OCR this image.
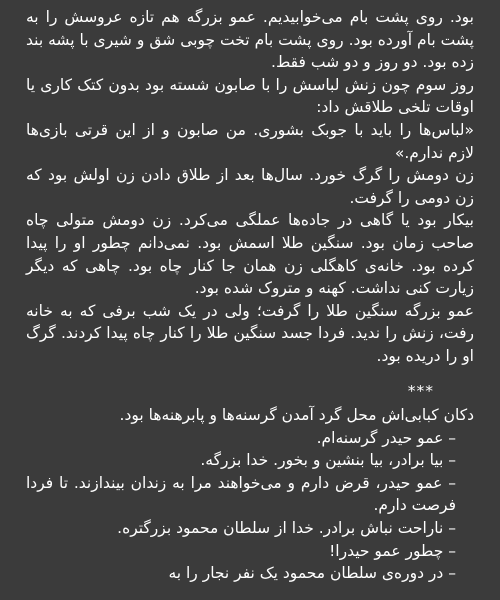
بود. روی پشت بام می‌خوابیدیم. عمو بزرگه هم تازه عروسش را به پشت بام آورده بود. روی پشت بام تخت چوبی شق و شیری با پشه بند زده بود. دو روز و دو شب فقط.

روز سوم چون زنش لباسش را با صابون شسته بود بدون کتک کاری یا اوقات تلخی طلاقش داد:

«لباس‌ها را باید با جوبک بشوری. من صابون و از این قرتی بازی‌ها لازم ندارم.»

زن دومش را گرگ خورد. سال‌ها بعد از طلاق دادن زن اولش بود که زن دومی را گرفت.

بیکار بود یا گاهی در جاده‌ها عملگی می‌کرد. زن دومش متولی چاه صاحب زمان بود. سنگین طلا اسمش بود. نمی‌دانم چطور او را پیدا کرده بود. خانه‌ی کاهگلی زن همان جا کنار چاه بود. چاهی که دیگر زیارت کنی نداشت. کهنه و متروک شده بود.

عمو بزرگه سنگین طلا را گرفت؛ ولی در یک شب برفی که به خانه رفت، زنش را ندید. فردا جسد سنگین طلا را کنار چاه پیدا کردند. گرگ او را دریده بود.

***

دکان کبابی‌اش محل گرد آمدن گرسنه‌ها و پابرهنه‌ها بود.

– عمو حیدر گرسنه‌ام.

– بیا برادر، بیا بنشین و بخور. خدا بزرگه.

– عمو حیدر، قرض دارم و می‌خواهند مرا به زندان بیندازند. تا فردا فرصت دارم.

– ناراحت نباش برادر. خدا از سلطان محمود بزرگتره.

– چطور عمو حیدرا!

– در دوره‌ی سلطان محمود یک نفر نجار را به
